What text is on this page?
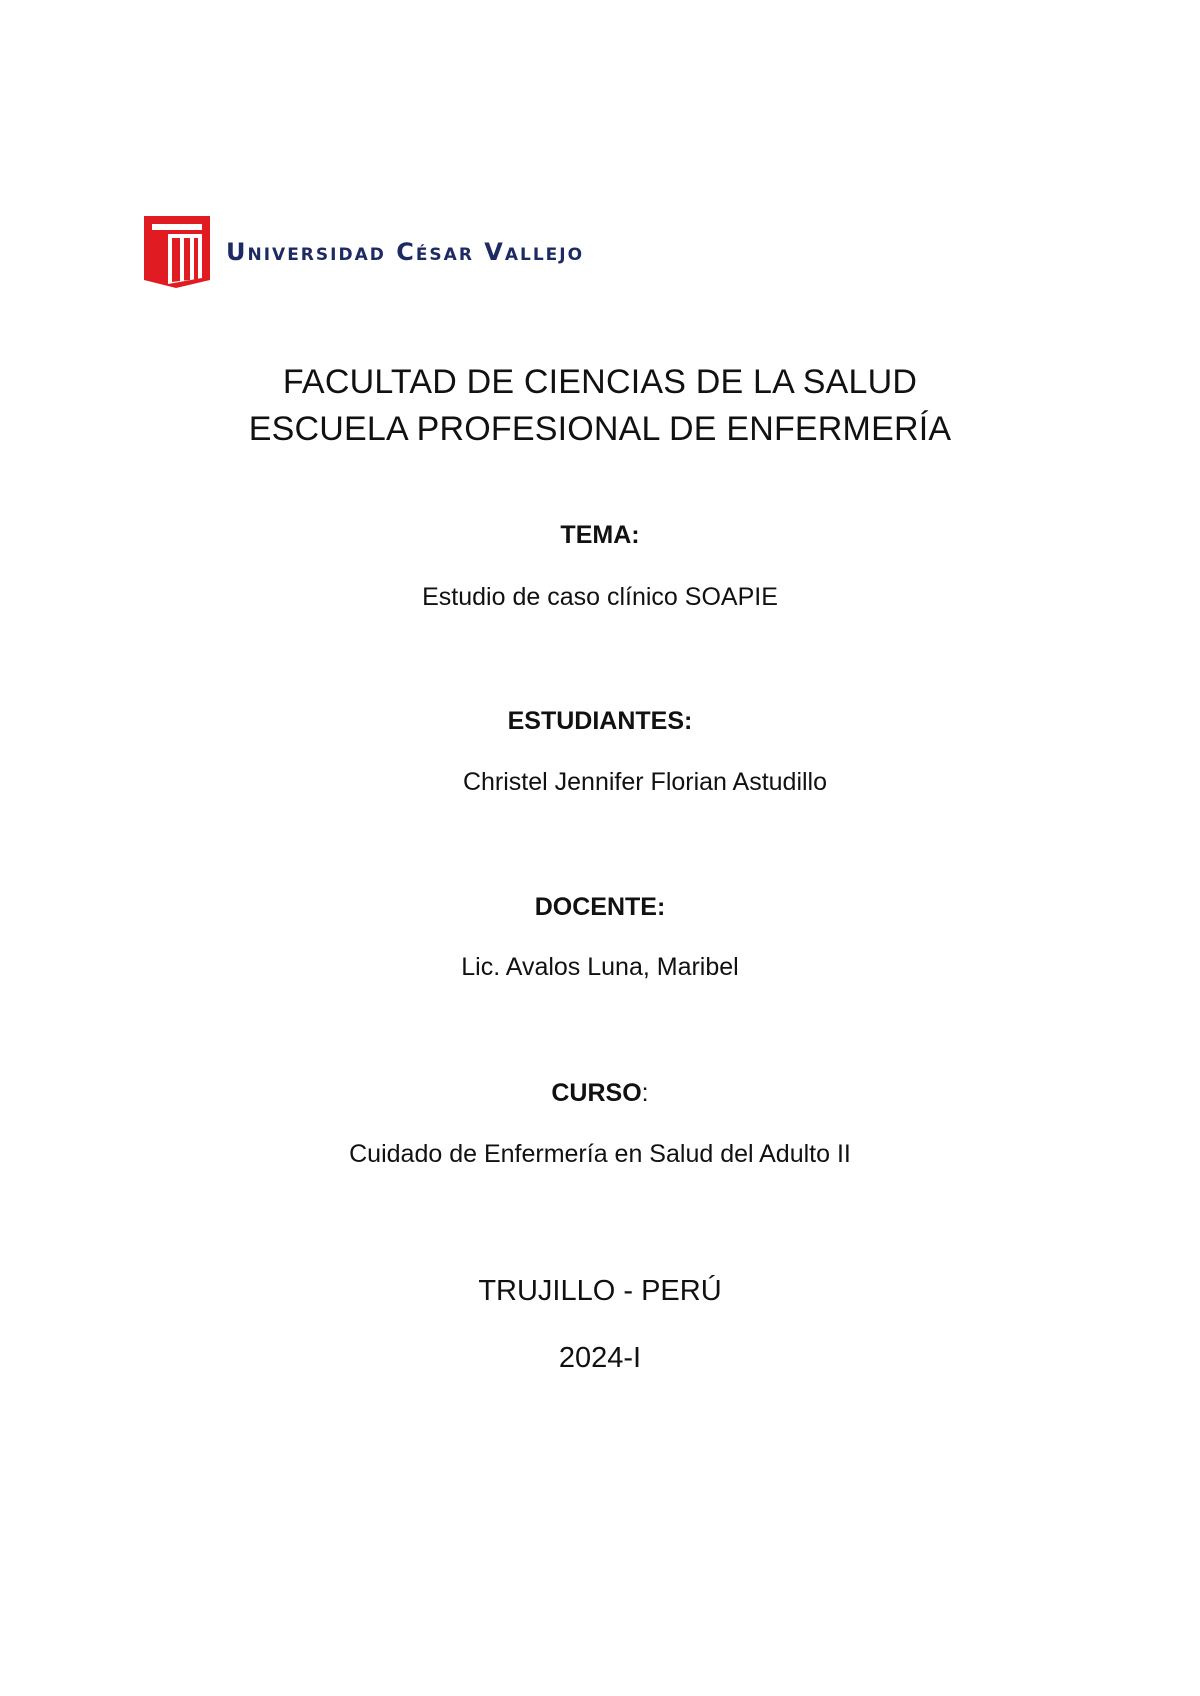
Universidad César Vallejo
FACULTAD DE CIENCIAS DE LA SALUD
ESCUELA PROFESIONAL DE ENFERMERÍA
TEMA:
Estudio de caso clínico SOAPIE
ESTUDIANTES:
Christel Jennifer Florian Astudillo
DOCENTE:
Lic. Avalos Luna, Maribel
CURSO:
Cuidado de Enfermería en Salud del Adulto II
TRUJILLO - PERÚ
2024-I
